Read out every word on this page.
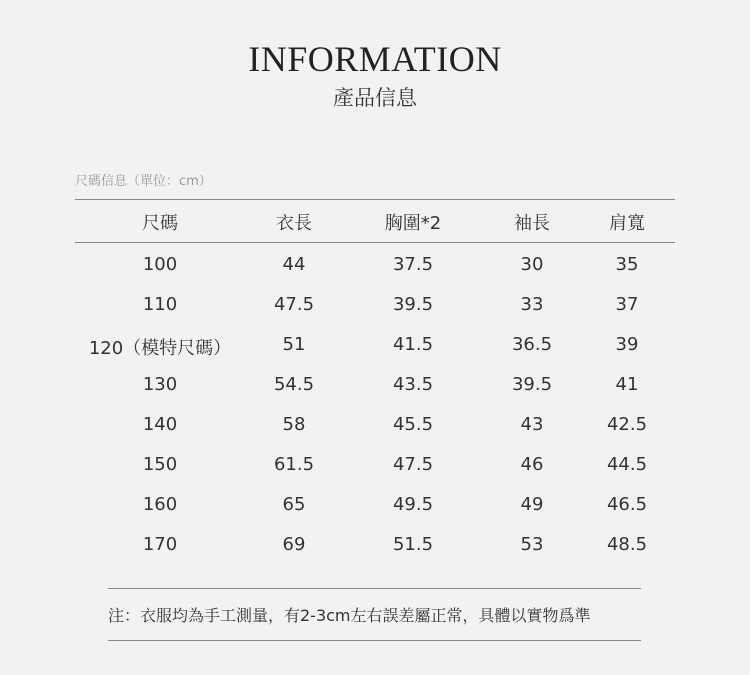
INFORMATION
產品信息
尺碼信息（單位：cm）
尺碼	衣長	胸圍*2	袖長	肩寬
100	44	37.5	30	35
110	47.5	39.5	33	37
120（模特尺碼）	51	41.5	36.5	39
130	54.5	43.5	39.5	41
140	58	45.5	43	42.5
150	61.5	47.5	46	44.5
160	65	49.5	49	46.5
170	69	51.5	53	48.5
注：衣服均為手工測量，有2-3cm左右誤差屬正常，具體以實物爲準
